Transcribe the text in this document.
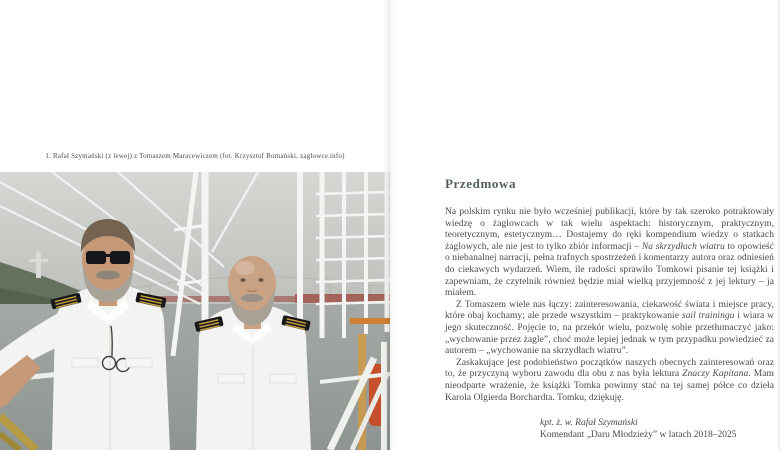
1. Rafał Szymański (z lewej) z Tomaszem Maracewiczem (fot. Krzysztof Romański, zaglowce.info)
Przedmowa

Na polskim rynku nie było wcześniej publikacji, które by tak szeroko potraktowały wiedzę o żaglowcach w tak wielu aspektach: historycznym, praktycznym, teoretycznym, estetycznym… Dostajemy do ręki kompendium wiedzy o statkach żaglowych, ale nie jest to tylko zbiór informacji – Na skrzydłach wiatru to opowieść o niebanalnej narracji, pełna trafnych spostrzeżeń i komentarzy autora oraz odniesień do ciekawych wydarzeń. Wiem, ile radości sprawiło Tomkowi pisanie tej książki i zapewniam, że czytelnik również będzie miał wielką przyjemność z jej lektury – ja miałem.

Z Tomaszem wiele nas łączy: zainteresowania, ciekawość świata i miejsce pracy, które obaj kochamy; ale przede wszystkim – praktykowanie sail trainingu i wiara w jego skuteczność. Pojęcie to, na przekór wielu, pozwolę sobie przetłumaczyć jako: „wychowanie przez żagle”, choć może lepiej jednak w tym przypadku powiedzieć za autorem – „wychowanie na skrzydłach wiatru”.

Zaskakujące jest podobieństwo początków naszych obecnych zainteresowań oraz to, że przyczyną wyboru zawodu dla obu z nas była lektura Znaczy Kapitana. Mam nieodparte wrażenie, że książki Tomka powinny stać na tej samej półce co dzieła Karola Olgierda Borchardta. Tomku, dziękuję.

kpt. ż. w. Rafał Szymański
Komendant „Daru Młodzieży” w latach 2018–2025
